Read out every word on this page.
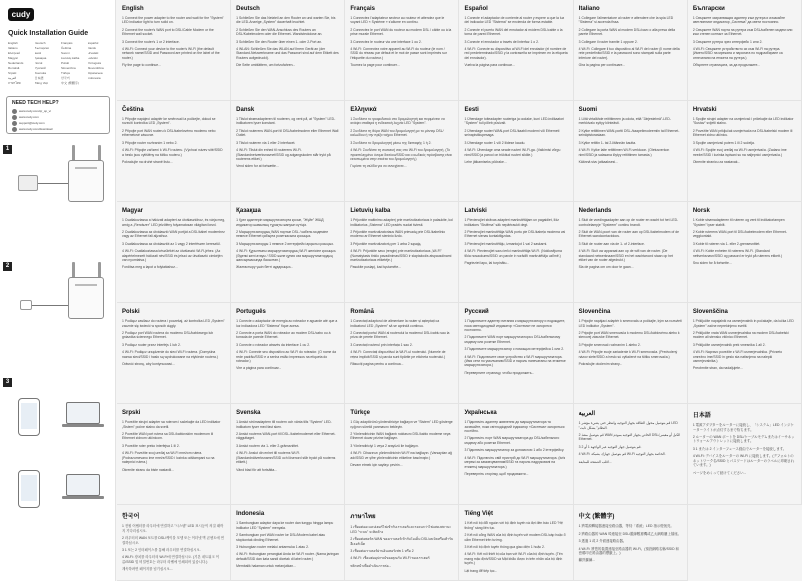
cudy
Quick Installation Guide
English	Deutsch	Français	Español
Italiano	Български	Čeština	Dansk
Ελληνικά	Eesti	Suomi	Hrvatski
Magyar	Қазақша	Lietuvių kalba	Latviski
Nederlands	Norsk	Polski	Português
Română	Русский	Slovenčina	Slovenščina
Srpski	Svenska	Türkçe	Українська
العربية	日本語	한국어	Indonesia
ภาษาไทย	Tiếng Việt	中文 (繁體字)
NEED TECH HELP?
www.cudy.com/qr_sp_vi
www.cudy.com
support@cudy.com
www.cudy.com/download
1
2
3
English

1 Connect the power adapter to the router and wait for the "System" LED indicator light to turn solid on.

2 Connect the router's WAN port to DSL/Cable Modem or the Ethernet wall socket.

3 Connect the router's 1 or 2 interface.

4 Wi-Fi: Connect your device to the router's Wi-Fi (the default network name/SSID and Password are printed on the label of the router.)

Fly the page to continue...

Deutsch

1 Schließen Sie das Netzteil an den Router an und warten Sie, bis die LED-Anzeige „System" dauerhaft leuchtet.

2 Schließen Sie den WAN-Anschluss des Routers an DSL/Kabelmodem oder die Ethernet- Wandsteckdose an.

3 Schließen Sie den Router über einen 1- oder 2-Port an.

4 WLAN: Schließen Sie das WLAN auf Ihrem Gerät an (der Standard-Netzwerkname und das Passwort sind auf dem Etikett des Routers aufgedruckt).

Die Seite umblättern, um fortzufahren...

Français

1 Connectez l'adaptateur secteur au routeur et attendez que le voyant LED « Système » s'allume en continu.

2 Connectez le port WAN du routeur au modem DSL / câble ou à la prise murale Ethernet.

3 Connectez le routeur via une interface 1 ou 2.

4 Wi-Fi: Connectez votre appareil au Wi-Fi du routeur (le nom / SSID du réseau par défaut et le mot de passe sont imprimés sur l'étiquette du routeur.)

Tournez la page pour continuer...

Español

1 Conecte el adaptador de corriente al router y espere a que la luz del indicador LED "Sistema" se encienda de forma estable.

2 Conecte el puerto WAN del enrutador al módem DSL/cable o la toma de pared Ethernet.

3 Conecte el enrutador a través del interfaz 1 o 2.

4 Wi-Fi: Conecte su dispositivo al Wi-Fi del enrutador (el nombre de red predeterminado/SSID y la contraseña se imprimen en la etiqueta del enrutador).

Vuelva la página para continuar...

Italiano

1 Collegare l'alimentatore al router e attendere che la spia LED "Sistema" si accenda fissa.

2 Collegare la porta WAN al modem DSL/cavo o alla presa della parete Ethernet.

3 Collegare il router tramite 1 oppure 2.

4 Wi-Fi: Collegare il tuo dispositivo al Wi-Fi del router (Il nome della rete predefinito/SSID e la password sono stampati sulla parte inferiore del router).

Gira la pagina per continuare...

Български

1 Свържете захранващия адаптер към рутера и изчакайте светлинният индикатор „Система" да свети постоянно.

2 Свържете WAN порта на рутера към DSL/кабелен модем или към стенен контакт за Ethernet.

3 Свържете рутера чрез интерфейс 1 или 2.

4 Wi-Fi: Свържете устройството си към Wi-Fi на рутера. (Името/SSID на мрежата и паролата по подразбиране са отпечатани на етикета на рутера.)

Обърнете страницата, за да продължите...

Čeština

1 Připojte napájecí adaptér ke směrovači a počkejte, dokud se rozsvítí kontrolka LED „System".

2 Připojte port WAN routeru k DSL/kabelovému modemu nebo ethernetové zásuvce.

3 Připojte router rozhraním 1 nebo 2.

4 Wi-Fi: Připojte zařízení k Wi-Fi routeru. (Výchozí název sítě/SSID a heslo jsou vytištěny na štítku routeru.)

Pokračujte na druhé straně listu...

Dansk

1 Tilslut strømadapteren til routeren, og vent på, at "System" LED-indikatoren lyser konstant.

2 Tilslut routerens WAN-port til DSL/kabelmodem eller Ethernet Wall Outlet.

3 Tilslut routeren via 1 eller 2 interfacet.

4 Wi-Fi: Tilslut din enhed til routerens Wi-Fi. (Standardnetværksnavnet/SSID og adgangskoden står trykt på routerens etiket.)

Vend siden for at fortsætte...

Ελληνικά

1 Συνδέστε το τροφοδοτικό στο δρομολογητή και περιμένετε να ανάψει σταθερά η ενδεικτική λυχνία LED "System".

2 Συνδέστε τη θύρα WAN του δρομολογητή με το μόντεμ DSL/καλωδίου ή την πρίζα τοίχου Ethernet.

3 Συνδέστε το δρομολογητή μέσω της διεπαφής 1 ή 2.

4 Wi-Fi: Συνδέστε τη συσκευή σας στο Wi-Fi του δρομολογητή. (Το προεπιλεγμένο όνομα δικτύου/SSID και ο κωδικός πρόσβασης είναι εκτυπωμένα στην ετικέτα του δρομολογητή.)

Γυρίστε τη σελίδα για να συνεχίσετε...

Eesti

1 Ühendage toiteadapter ruuteriga ja oodake, kuni LED-indikaatori "System" tuli põleb püsivalt.

2 Ühendage ruuteri WAN-port DSL/kaabli modemi või Etherneti seinapistikupesaga.

3 Ühendage ruuter 1 või 2 liidese kaudu.

4 Wi-Fi: Ühendage oma seade ruuteri Wi-Fi-ga. (Vaikimisi võrgu nimi/SSID ja parool on trükitud ruuteri sildile.)

Lehe jätkamiseks pöörake...

Suomi

1 Liitä virtalähde reitittimeen ja odota, että "Järjestelmä"-LED-merkkivalo syttyy kiinteästi.

2 Kytke reitittimen WAN-portti DSL-/kaapelimodeemiin tai Ethernet-seinäpistorasiaan.

3 Kytke reititin 1- tai 2-liitännän kautta.

4 Wi-Fi: Kytke laite reitittimen Wi-Fi-verkkoon. (Oletusverkon nimi/SSID ja salasana löytyy reitittimen tarrasta.)

Käännä sivu jatkaaksesi...

Hrvatski

1 Spojite strujni adapter na usmjerivač i pričekajte da LED indikator "Sustav" svijetli stalno.

2 Povežite WAN priključak usmjerivača na DSL/kabelski modem ili Ethernet zidnu utičnicu.

3 Spojite usmjerivač putem 1 ili 2 sučelja.

4 Wi-Fi: Spojite svoj uređaj na Wi-Fi usmjerivača. (Zadano ime mreže/SSID i lozinka ispisani su na naljepnici usmjerivača.)

Okrenite stranicu za nastavak...

Magyar

1 Csatlakoztassa a hálózati adaptert az útválasztóhoz, és várja meg, amíg a „Rendszer" LED jelzőfény folyamatosan világítani kezd.

2 Csatlakoztassa az útválasztó WAN portját a DSL/kábel modemhez vagy az Ethernet fali aljzathoz.

3 Csatlakoztassa az útválasztót az 1 vagy 2 interfészen keresztül.

4 Wi-Fi: Csatlakoztassa készülékét az útválasztó Wi-Fi-jéhez. (Az alapértelmezett hálózati név/SSID és jelszó az útválasztó címkéjén van nyomtatva.)

Fordítsa meg a lapot a folytatáshoz...

Қазақша

1 Қуат адаптерін маршрутизаторға қосып, "Жүйе" ЖШД индикатор шамының тұрақты жануын күтіңіз.

2 Маршрутизатордың WAN портын DSL / кабель модеміне немесе Ethernet қабырға розеткасына қосыңыз.

3 Маршрутизаторды 1 немесе 2 интерфейсі арқылы қосыңыз.

4 Wi-Fi: Құрылғыны маршрутизатордың Wi-Fi желісіне қосыңыз. (Әдепкі желі атауы / SSID және құпия сөз маршрутизатордың жапсырмасында басылған.)

Жалғастыру үшін бетті аударыңыз...

Lietuvių kalba

1 Prijunkite maitinimo adapterį prie maršrutizatoriaus ir palaukite, kol indikatorius „Sistema" LED pradės nuolat šviesti.

2 Prijunkite maršrutizatoriaus WAN prievadą prie DSL/kabelinio modemo ar Ethernet sieninio lizdo.

3 Prijunkite maršrutizatorių per 1 arba 2 sąsają.

4 Wi-Fi: Prijunkite savo įrenginį prie maršrutizatoriaus „Wi-Fi" (Numatytasis tinklo pavadinimas/SSID ir slaptažodis atspausdinami maršrutizatoriaus etiketėje.)

Pasukite puslapį, kad tęstumėte...

Latviski

1 Pievienojiet strāvas adapteri maršrutētājam un pagaidiet, līdz indikators "Sistēma" sāk nepārtraukti degt.

2 Pievienojiet maršrutētāja WAN portu pie DSL/kabeļa modema vai Ethernet sienas kontaktligzdas.

3 Pievienojiet maršrutētāju, izmantojot 1 vai 2 saskarni.

4 Wi-Fi: Pievienojiet savu ierīci maršrutētāja Wi-Fi. (Noklusējuma tīkla nosaukums/SSID un parole ir norādīti maršrutētāja uzlīmē.)

Pagrieziet lapu, lai turpinātu...

Nederlands

1 Sluit de voedingsadapter aan op de router en wacht tot het LED-controlelampje "Systeem" continu brandt.

2 Sluit de WAN-poort van de router aan op DSL/kabelmodem of de Ethernet-wandcontactdoos.

3 Sluit de router aan via de 1- of 2-interface.

4 Wi-Fi: Sluit uw apparaat aan op de wifi van de router. (De standaard netwerknaam/SSID en het wachtwoord staan op het etiket van de router afgedrukt.)

Sla de pagina om om door te gaan...

Norsk

1 Koble strømadapteren til ruteren og vent til indikatorlampen "System" lyser stabilt.

2 Koble ruterens WAN-port til DSL/kabelmodem eller Ethernet-veggkontakt.

3 Koble til ruteren via 1- eller 2-grensesnittet.

4 Wi-Fi: Koble enheten til ruterens Wi-Fi. (Standard nettverksnavn/SSID og passord er trykt på ruterens etikett.)

Snu siden for å fortsette...

Polski

1 Podłącz zasilacz do routera i poczekaj, aż kontrolka LED „System" zacznie się świecić w sposób ciągły.

2 Podłącz port WAN routera do modemu DSL/kablowego lub gniazdka ściennego Ethernet.

3 Podłącz router przez interfejs 1 lub 2.

4 Wi-Fi: Podłącz urządzenie do sieci Wi-Fi routera. (Domyślna nazwa sieci/SSID i hasło są wydrukowane na etykiecie routera.)

Odwróć stronę, aby kontynuować...

Português

1 Conecte o adaptador de energia ao roteador e aguarde até que a luz indicadora LED "Sistema" fique acesa.

2 Conecte a porta WAN do roteador ao modem DSL/cabo ou à tomada de parede Ethernet.

3 Conecte o roteador através da interface 1 ou 2.

4 Wi-Fi: Conecte seu dispositivo ao Wi-Fi do roteador. (O nome da rede padrão/SSID e a senha estão impressos na etiqueta do roteador.)

Vire a página para continuar...

Română

1 Conectați adaptorul de alimentare la router și așteptați ca indicatorul LED „System" să se aprindă continuu.

2 Conectați portul WAN al routerului la modemul DSL/cablu sau la priza de perete Ethernet.

3 Conectați routerul prin interfața 1 sau 2.

4 Wi-Fi: Conectați dispozitivul la Wi-Fi-ul routerului. (Numele de rețea implicit/SSID și parola sunt tipărite pe eticheta routerului.)

Răsuciți pagina pentru a continua...

Русский

1 Подключите адаптер питания к маршрутизатору и подождите, пока светодиодный индикатор «Система» не загорится постоянно.

2 Подключите WAN порт маршрутизатора к DSL/кабельному модему или розетке Ethernet.

3 Подключите маршрутизатор с помощью интерфейса 1 или 2.

4 Wi-Fi: Подключите свое устройство к Wi-Fi маршрутизатора. (Имя сети по умолчанию/SSID и пароль напечатаны на этикетке маршрутизатора.)

Переверните страницу, чтобы продолжить...

Slovenčina

1 Pripojte napájací adaptér k smerovaču a počkajte, kým sa rozsvieti LED indikátor „System".

2 Pripojte port WAN smerovača k modemu DSL/káblovému alebo k stenovej zásuvke Ethernet.

3 Pripojte smerovač rozhraním 1 alebo 2.

4 Wi-Fi: Pripojte svoje zariadenie k Wi-Fi smerovača. (Predvolený názov siete/SSID a heslo sú vytlačené na štítku smerovača.)

Pokračujte otočením strany...

Slovenščina

1 Priključite napajalnik na usmerjevalnik in počakajte, da lučka LED „System" začne neprekinjeno svetiti.

2 Priključite vrata WAN usmerjevalnika na modem DSL/kabelski modem ali stensko vtičnico Ethernet.

3 Priključite usmerjevalnik prek vmesnika 1 ali 2.

4 Wi-Fi: Napravo povežite z Wi-Fi usmerjevalnika. (Privzeto omrežno ime/SSID in geslo sta natisnjena na nalepki usmerjevalnika.)

Preobrnite stran, da nadaljujete...

Srpski

1 Povežite strujni adapter sa ruterom i sačekajte da LED indikator „Sistem" počne stalno da svetli.

2 Povežite WAN port rutera sa DSL/kablovskim modemom ili Ethernet zidnom utičnicom.

3 Povežite ruter preko interfejsa 1 ili 2.

4 Wi-Fi: Povežite svoj uređaj sa Wi-Fi mrežom rutera. (Podrazumevano ime mreže/SSID i lozinka odštampani su na nalepnici rutera.)

Okrenite stranu da biste nastavili...

Svenska

1 Anslut strömadaptern till routern och vänta tills "System" LED-indikatorn lyser med fast sken.

2 Anslut routerns WAN-port till DSL-/kabelmodemet eller Ethernet-vägguttaget.

3 Anslut routern via 1- eller 2-gränssnittet.

4 Wi-Fi: Anslut din enhet till routerns Wi-Fi. (Standardnätverksnamn/SSID och lösenord står tryckt på routerns etikett.)

Vänd blad för att fortsätta...

Türkçe

1 Güç adaptörünü yönlendiriciye bağlayın ve "Sistem" LED gösterge ışığının sürekli yanmasını bekleyin.

2 Yönlendiricinin WAN bağlantı noktasını DSL/kablo modeme veya Ethernet duvar prizine bağlayın.

3 Yönlendiriciyi 1 veya 2 arayüzü ile bağlayın.

4 Wi-Fi: Cihazınızı yönlendiricinin Wi-Fi'ına bağlayın. (Varsayılan ağ adı/SSID ve şifre yönlendiricinin etiketine basılmıştır.)

Devam etmek için sayfayı çevirin...

Українська

1 Підключіть адаптер живлення до маршрутизатора та зачекайте, поки світлодіодний індикатор «Система» загориться постійно.

2 Підключіть порт WAN маршрутизатора до DSL/кабельного модему або розетки Ethernet.

3 Підключіть маршрутизатор за допомогою 1 або 2 інтерфейсу.

4 Wi-Fi: Підключіть свій пристрій до Wi-Fi маршрутизатора. (Ім'я мережі за замовчуванням/SSID та пароль надруковані на етикетці маршрутизатора.)

Переверніть сторінку, щоб продовжити...

العربية

1 قم بتوصيل محول الطاقة بجهاز التوجيه وانتظر حتى يضيء مؤشر LED "النظام" بشكل ثابت.

2 قم بتوصيل منفذ WAN الخاص بجهاز التوجيه بمودم DSL/الكبل أو مقبس Ethernet.

3 قم بتوصيل جهاز التوجيه عبر الواجهة 1 أو 2.

4 Wi-Fi: قم بتوصيل جهازك بشبكة Wi-Fi الخاصة بجهاز التوجيه.

اقلب الصفحة للمتابعة...

日本語

1 電源アダプターをルーターに接続し、「システム」LED インジケーターライトが点灯するまで待ちます。

2 ルーターの WAN ポートを DSL/ケーブルモデムまたはイーサネットウォールアウトレットに接続します。

3 1 または 2 インターフェース経由でルーターを接続します。

4 Wi-Fi: デバイスをルーターの Wi-Fi に接続します。(デフォルトのネットワーク名/SSID とパスワードはルーターのラベルに印刷されています。)

ページをめくって続けてください...

한국어

1 전원 어댑터를 라우터에 연결하고 "시스템" LED 표시등이 켜질 때까지 기다리십시오.

2 라우터의 WAN 포트를 DSL/케이블 모뎀 또는 이더넷 벽 콘센트에 연결하십시오.

3 1 또는 2 인터페이스를 통해 라우터를 연결하십시오.

4 Wi-Fi: 장치를 라우터의 Wi-Fi에 연결하십시오. (기본 네트워크 이름/SSID 및 비밀번호는 라우터 라벨에 인쇄되어 있습니다.)

계속하려면 페이지를 넘기십시오...

Indonesia

1 Sambungkan adaptor daya ke router dan tunggu hingga lampu indikator LED "System" menyala.

2 Sambungkan port WAN router ke DSL/Modem kabel atau stopkontak dinding Ethernet.

3 Hubungkan router melalui antarmuka 1 atau 2.

4 Wi-Fi: Hubungkan perangkat Anda ke Wi-Fi router. (Nama jaringan default/SSID dan kata sandi dicetak di label router.)

Membalik halaman untuk melanjutkan...

ภาษาไทย

1 เชื่อมต่ออะแดปเตอร์ไฟเข้ากับเราเตอร์และรอจนกว่าไฟแสดงสถานะ LED "ระบบ" จะติดค้าง

2 เชื่อมต่อพอร์ต WAN ของเราเตอร์เข้ากับโมเด็ม DSL/เคเบิลหรือเต้ารับอีเธอร์เน็ต

3 เชื่อมต่อเราเตอร์ผ่านอินเทอร์เฟซ 1 หรือ 2

4 Wi-Fi: เชื่อมต่ออุปกรณ์ของคุณกับ Wi-Fi ของเราเตอร์

พลิกหน้าเพื่อดำเนินการต่อ...

Tiếng Việt

1 Kết nối bộ đổi nguồn với bộ định tuyến và đợi đèn báo LED "Hệ thống" sáng liên tục.

2 Kết nối cổng WAN của bộ định tuyến với modem DSL/cáp hoặc ổ cắm Ethernet trên tường.

3 Kết nối bộ định tuyến thông qua giao diện 1 hoặc 2.

4 Wi-Fi: Kết nối thiết bị của bạn với Wi-Fi của bộ định tuyến. (Tên mạng mặc định/SSID và Mật khẩu được in trên nhãn của bộ định tuyến.)

Lật trang để tiếp tục...

中文 (繁體字)

1 將電源轉接器連接至路由器，等待「系統」LED 指示燈恆亮。

2 將路由器的 WAN 埠連接至 DSL/纜線數據機或乙太網路牆上插座。

3 透過 1 或 2 介面連接路由器。

4 Wi-Fi: 將您的裝置連接至路由器的 Wi-Fi。(預設網路名稱/SSID 和密碼印在路由器的標籤上。)

翻頁繼續...
